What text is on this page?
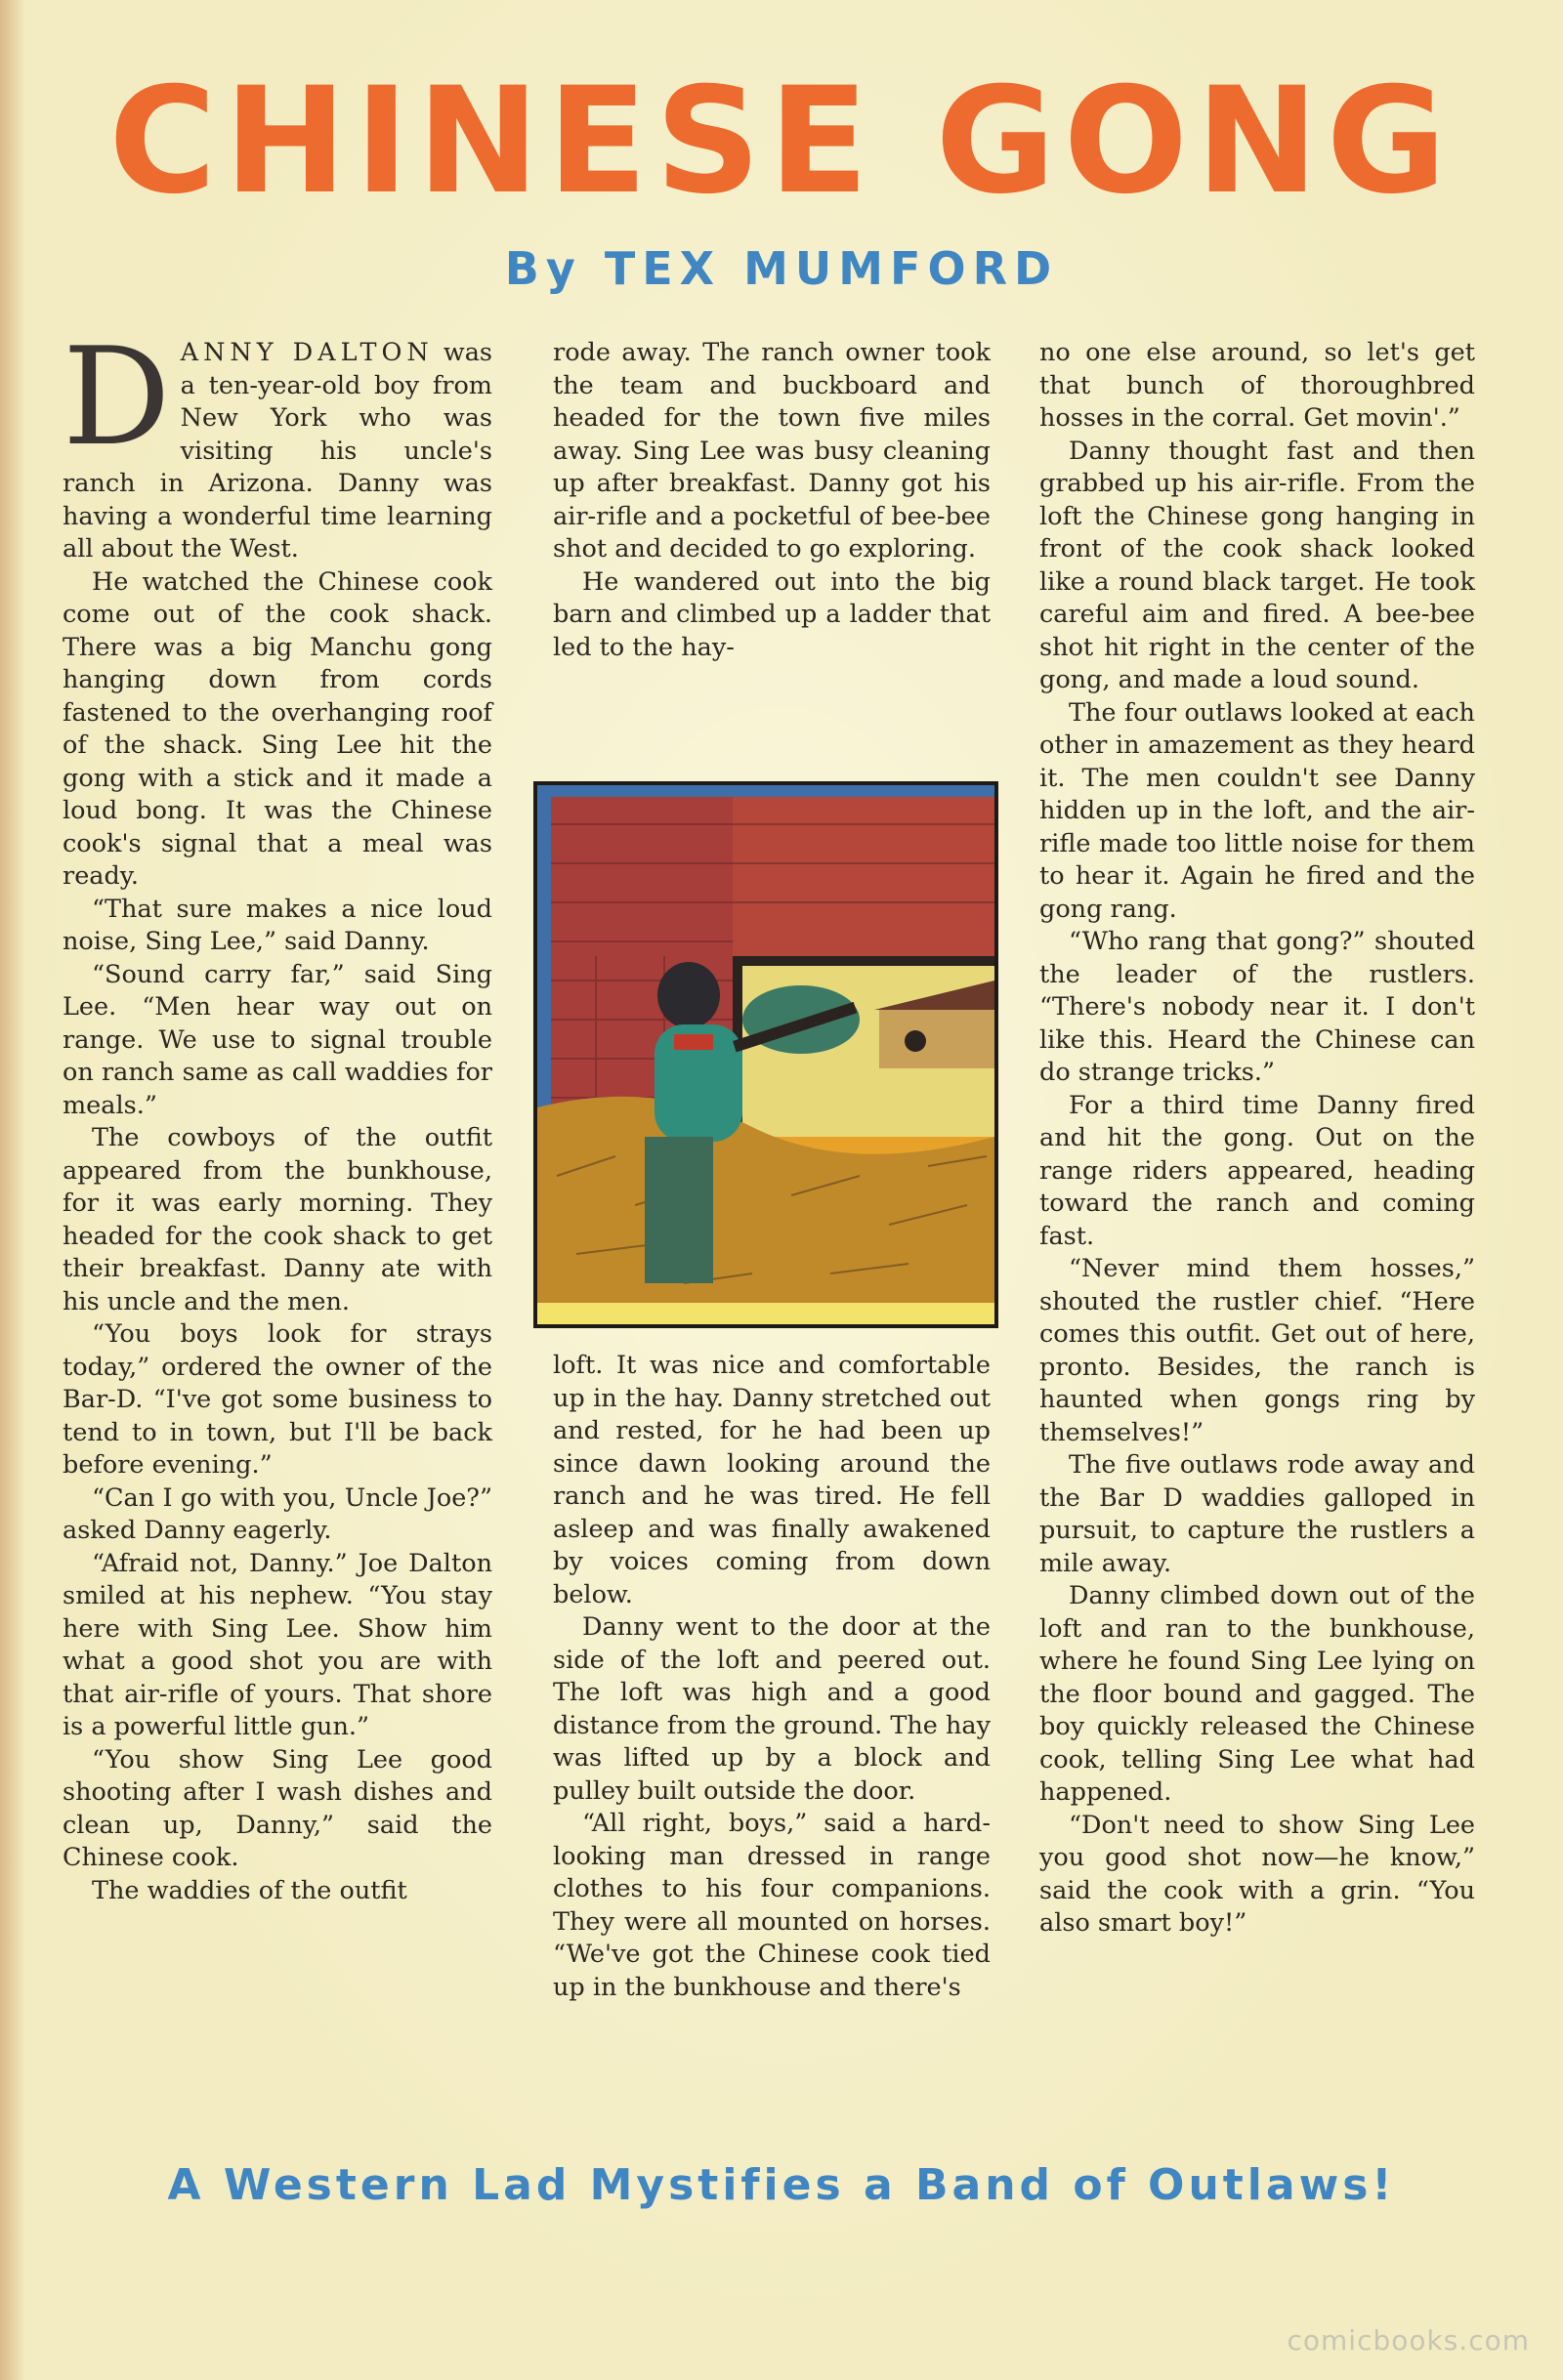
CHINESE GONG
By TEX MUMFORD

DANNY DALTON was a ten-year-old boy from New York who was visiting his uncle's ranch in Arizona. Danny was having a wonderful time learning all about the West.

He watched the Chinese cook come out of the cook shack. There was a big Manchu gong hanging down from cords fastened to the overhanging roof of the shack. Sing Lee hit the gong with a stick and it made a loud bong. It was the Chinese cook's signal that a meal was ready.

“That sure makes a nice loud noise, Sing Lee,” said Danny.

“Sound carry far,” said Sing Lee. “Men hear way out on range. We use to signal trouble on ranch same as call waddies for meals.”

The cowboys of the outfit appeared from the bunkhouse, for it was early morning. They headed for the cook shack to get their breakfast. Danny ate with his uncle and the men.

“You boys look for strays today,” ordered the owner of the Bar-D. “I've got some business to tend to in town, but I'll be back before evening.”

“Can I go with you, Uncle Joe?” asked Danny eagerly.

“Afraid not, Danny.” Joe Dalton smiled at his nephew. “You stay here with Sing Lee. Show him what a good shot you are with that air-rifle of yours. That shore is a powerful little gun.”

“You show Sing Lee good shooting after I wash dishes and clean up, Danny,” said the Chinese cook.

The waddies of the outfit

rode away. The ranch owner took the team and buckboard and headed for the town five miles away. Sing Lee was busy cleaning up after breakfast. Danny got his air-rifle and a pocketful of bee-bee shot and decided to go exploring.

He wandered out into the big barn and climbed up a ladder that led to the hay-

loft. It was nice and comfortable up in the hay. Danny stretched out and rested, for he had been up since dawn looking around the ranch and he was tired. He fell asleep and was finally awakened by voices coming from down below.

Danny went to the door at the side of the loft and peered out. The loft was high and a good distance from the ground. The hay was lifted up by a block and pulley built outside the door.

“All right, boys,” said a hard-looking man dressed in range clothes to his four companions. They were all mounted on horses. “We've got the Chinese cook tied up in the bunkhouse and there's

no one else around, so let's get that bunch of thoroughbred hosses in the corral. Get movin'.”

Danny thought fast and then grabbed up his air-rifle. From the loft the Chinese gong hanging in front of the cook shack looked like a round black target. He took careful aim and fired. A bee-bee shot hit right in the center of the gong, and made a loud sound.

The four outlaws looked at each other in amazement as they heard it. The men couldn't see Danny hidden up in the loft, and the air-rifle made too little noise for them to hear it. Again he fired and the gong rang.

“Who rang that gong?” shouted the leader of the rustlers. “There's nobody near it. I don't like this. Heard the Chinese can do strange tricks.”

For a third time Danny fired and hit the gong. Out on the range riders appeared, heading toward the ranch and coming fast.

“Never mind them hosses,” shouted the rustler chief. “Here comes this outfit. Get out of here, pronto. Besides, the ranch is haunted when gongs ring by themselves!”

The five outlaws rode away and the Bar D waddies galloped in pursuit, to capture the rustlers a mile away.

Danny climbed down out of the loft and ran to the bunkhouse, where he found Sing Lee lying on the floor bound and gagged. The boy quickly released the Chinese cook, telling Sing Lee what had happened.

“Don't need to show Sing Lee you good shot now—he know,” said the cook with a grin. “You also smart boy!”

A Western Lad Mystifies a Band of Outlaws!
comicbooks.com
